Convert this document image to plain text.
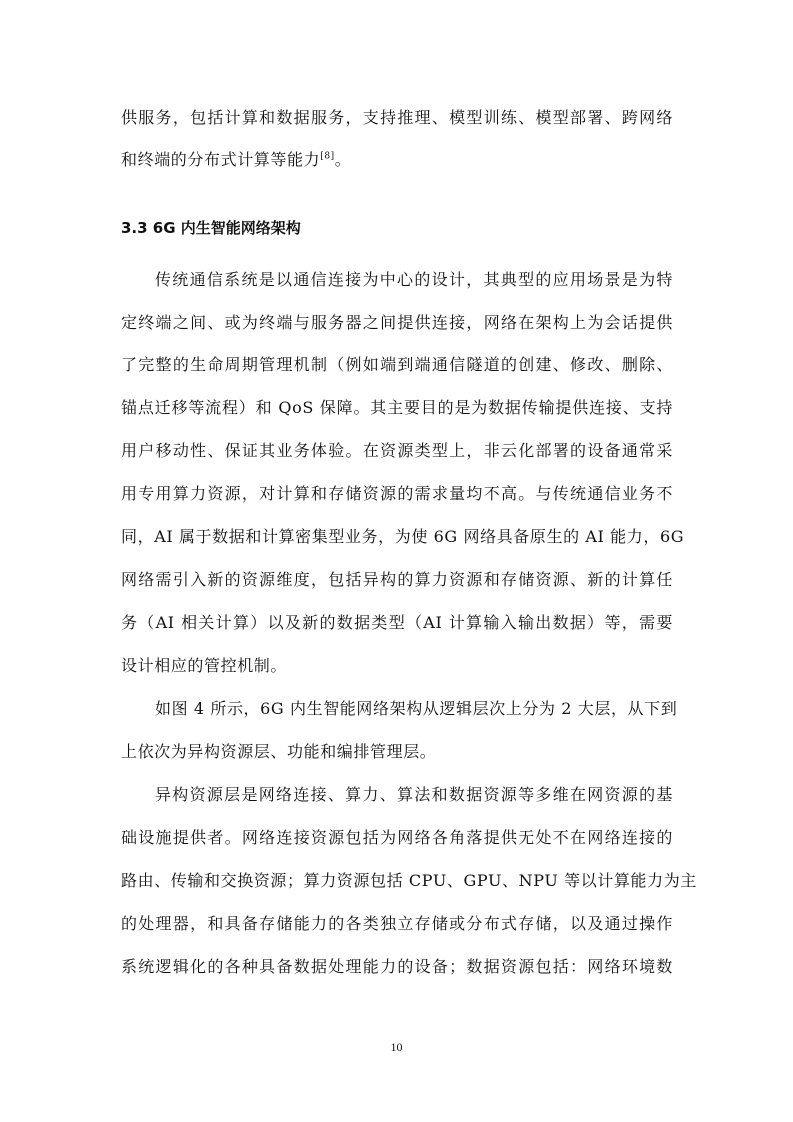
供服务，包括计算和数据服务，支持推理、模型训练、模型部署、跨网络
和终端的分布式计算等能力[8]。
3.3 6G 内生智能网络架构
传统通信系统是以通信连接为中心的设计，其典型的应用场景是为特
定终端之间、或为终端与服务器之间提供连接，网络在架构上为会话提供
了完整的生命周期管理机制（例如端到端通信隧道的创建、修改、删除、
锚点迁移等流程）和 QoS 保障。其主要目的是为数据传输提供连接、支持
用户移动性、保证其业务体验。在资源类型上，非云化部署的设备通常采
用专用算力资源，对计算和存储资源的需求量均不高。与传统通信业务不
同，AI 属于数据和计算密集型业务，为使 6G 网络具备原生的 AI 能力，6G
网络需引入新的资源维度，包括异构的算力资源和存储资源、新的计算任
务（AI 相关计算）以及新的数据类型（AI 计算输入输出数据）等，需要
设计相应的管控机制。
如图 4 所示，6G 内生智能网络架构从逻辑层次上分为 2 大层，从下到
上依次为异构资源层、功能和编排管理层。
异构资源层是网络连接、算力、算法和数据资源等多维在网资源的基
础设施提供者。网络连接资源包括为网络各角落提供无处不在网络连接的
路由、传输和交换资源；算力资源包括 CPU、GPU、NPU 等以计算能力为主
的处理器，和具备存储能力的各类独立存储或分布式存储，以及通过操作
系统逻辑化的各种具备数据处理能力的设备；数据资源包括：网络环境数
10
